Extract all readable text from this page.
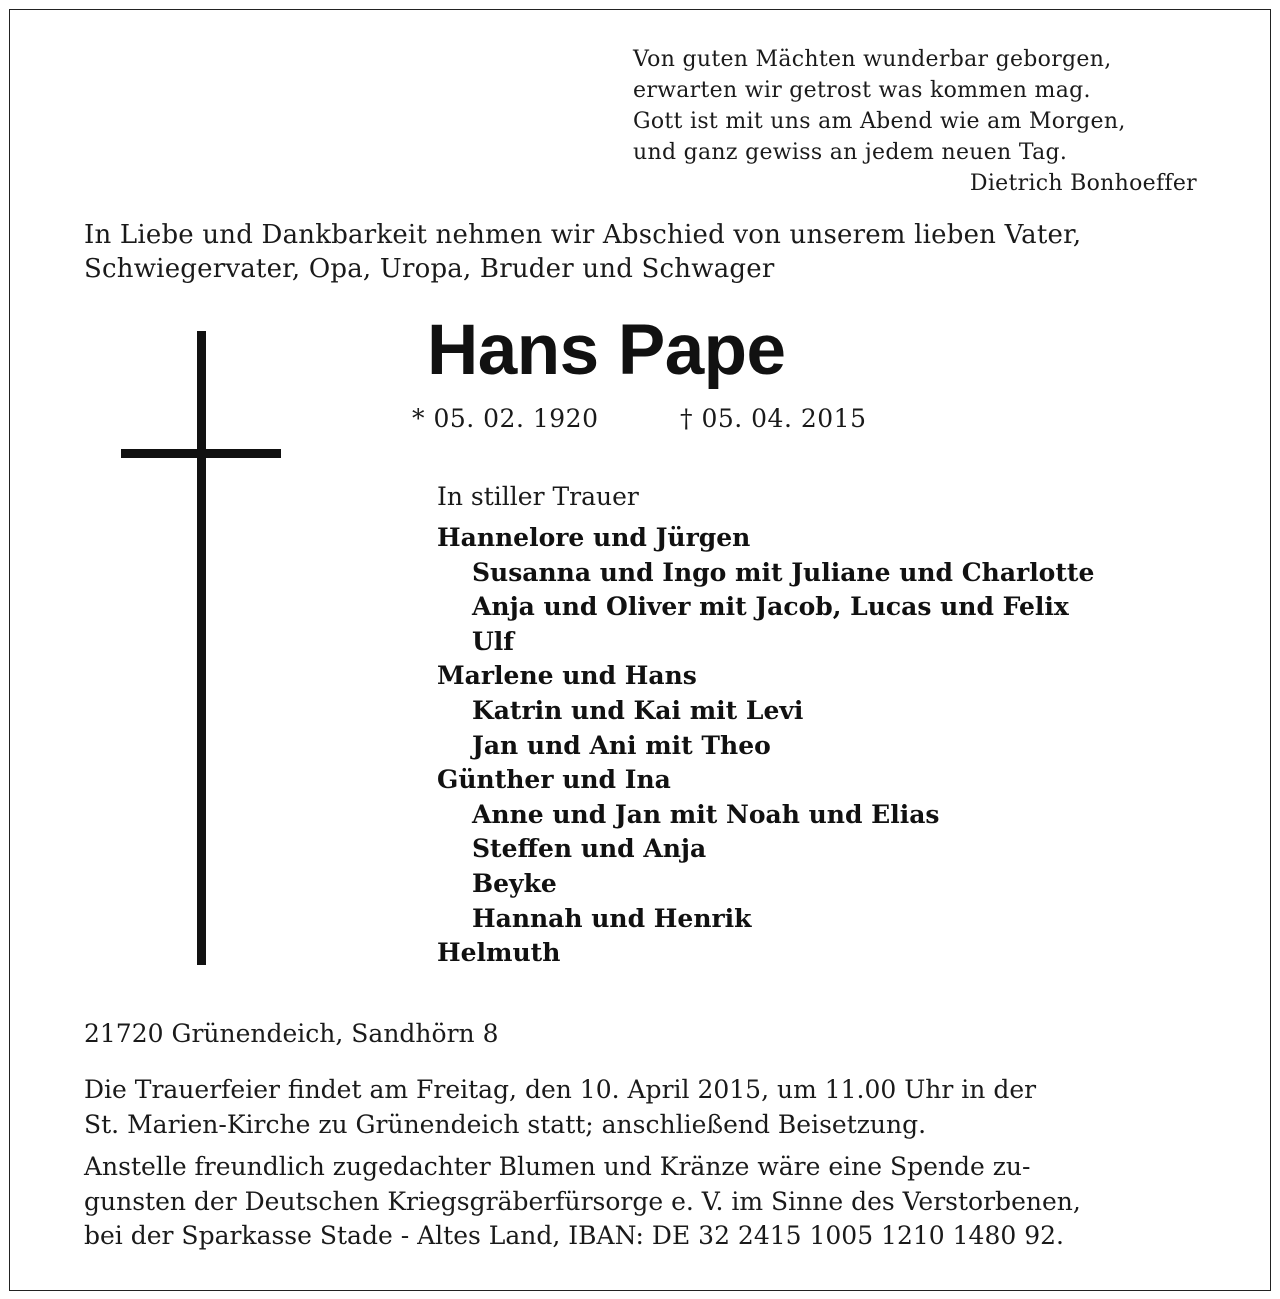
Von guten Mächten wunderbar geborgen,
erwarten wir getrost was kommen mag.
Gott ist mit uns am Abend wie am Morgen,
und ganz gewiss an jedem neuen Tag.
Dietrich Bonhoeffer
In Liebe und Dankbarkeit nehmen wir Abschied von unserem lieben Vater,
Schwiegervater, Opa, Uropa, Bruder und Schwager
Hans Pape
* 05. 02. 1920	† 05. 04. 2015
In stiller Trauer
Hannelore und Jürgen
Susanna und Ingo mit Juliane und Charlotte
Anja und Oliver mit Jacob, Lucas und Felix
Ulf
Marlene und Hans
Katrin und Kai mit Levi
Jan und Ani mit Theo
Günther und Ina
Anne und Jan mit Noah und Elias
Steffen und Anja
Beyke
Hannah und Henrik
Helmuth
21720 Grünendeich, Sandhörn 8
Die Trauerfeier findet am Freitag, den 10. April 2015, um 11.00 Uhr in der
St. Marien-Kirche zu Grünendeich statt; anschließend Beisetzung.
Anstelle freundlich zugedachter Blumen und Kränze wäre eine Spende zu-
gunsten der Deutschen Kriegsgräberfürsorge e. V. im Sinne des Verstorbenen,
bei der Sparkasse Stade - Altes Land, IBAN: DE 32 2415 1005 1210 1480 92.
